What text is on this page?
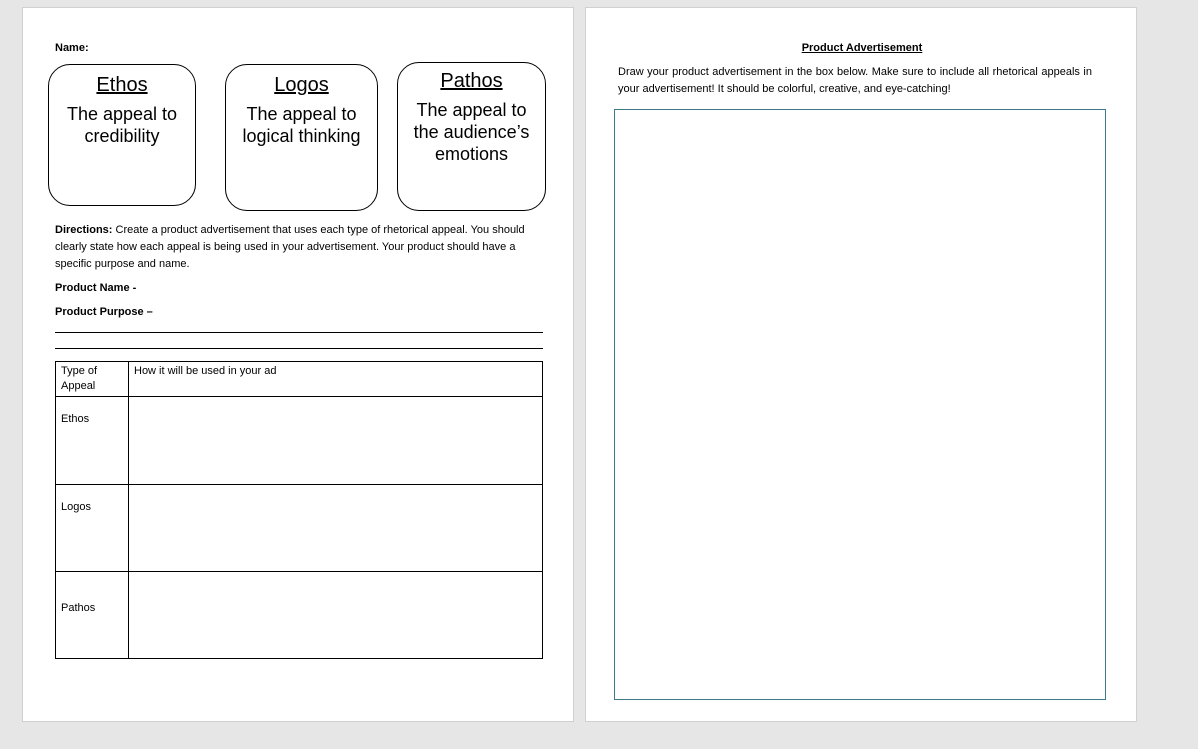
Name:
Ethos
The appeal to credibility
Logos
The appeal to logical thinking
Pathos
The appeal to the audience’s emotions
Directions: Create a product advertisement that uses each type of rhetorical appeal. You should clearly state how each appeal is being used in your advertisement. Your product should have a specific purpose and name.
Product Name -
Product Purpose –
Type of Appeal	How it will be used in your ad
Ethos	
Logos	
Pathos	
Product Advertisement
Draw your product advertisement in the box below. Make sure to include all rhetorical appeals in your advertisement! It should be colorful, creative, and eye-catching!
